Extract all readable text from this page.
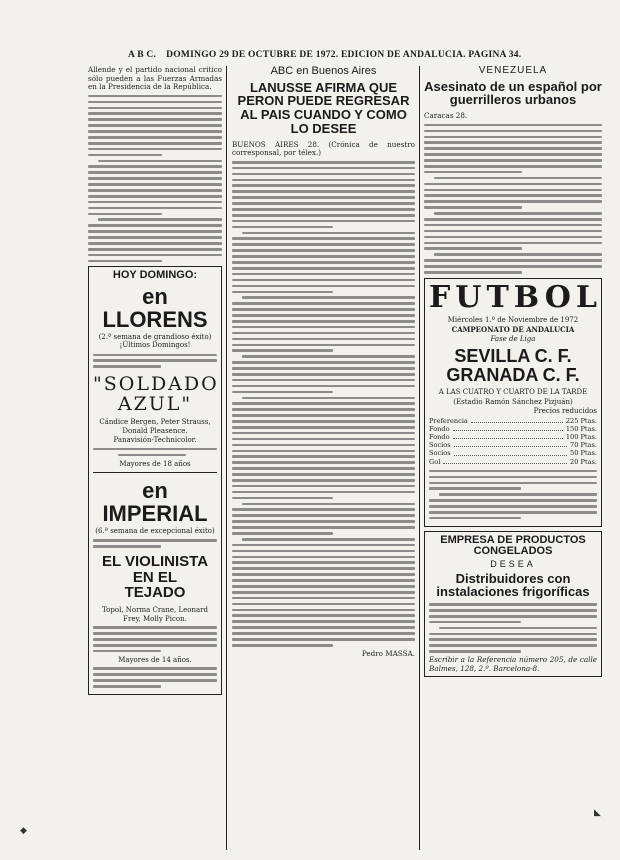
A B C. DOMINGO 29 DE OCTUBRE DE 1972. EDICION DE ANDALUCIA. PAGINA 34.

Allende y el partido nacional critico sólo pueden a las Fuerzas Armadas en la Presidencia de la República.

HOY DOMINGO:

en LLORENS

(2.ª semana de grandioso éxito) ¡Últimos Domingos!

"SOLDADO

AZUL"

Cándice Bergen, Peter Strauss, Donald Pleasence.

Panavisión-Technicolor.

Mayores de 18 años

en IMPERIAL

(6.ª semana de excepcional éxito)

EL VIOLINISTA EN EL

TEJADO

Topol, Norma Crane, Leonard Frey, Molly Picon.

Mayores de 14 años.

ABC en Buenos Aires

LANUSSE AFIRMA QUE PERON PUEDE REGRESAR AL PAIS CUANDO Y COMO LO DESEE

BUENOS AIRES 28. (Crónica de nuestro corresponsal, por télex.)

Pedro MASSA.

VENEZUELA

Asesinato de un español por guerrilleros urbanos

Caracas 28.

FUTBOL

Miércoles 1.º de Noviembre de 1972

CAMPEONATO DE ANDALUCIA

Fase de Liga

SEVILLA C. F.

GRANADA C. F.

A LAS CUATRO Y CUARTO DE LA TARDE

(Estadio Ramón Sánchez Pizjuán)

Precios reducidos

Preferencia	225 Ptas.
Fondo	150 Ptas.
Fondo	100 Ptas.
Socios	70 Ptas.
Socios	50 Ptas.
Gol	20 Ptas.

EMPRESA DE PRODUCTOS CONGELADOS

DESEA

Distribuidores con instalaciones frigoríficas

Escribir a la Referencia número 205, de calle Balmes, 128, 2.º. Barcelona-8.

◆
◣
